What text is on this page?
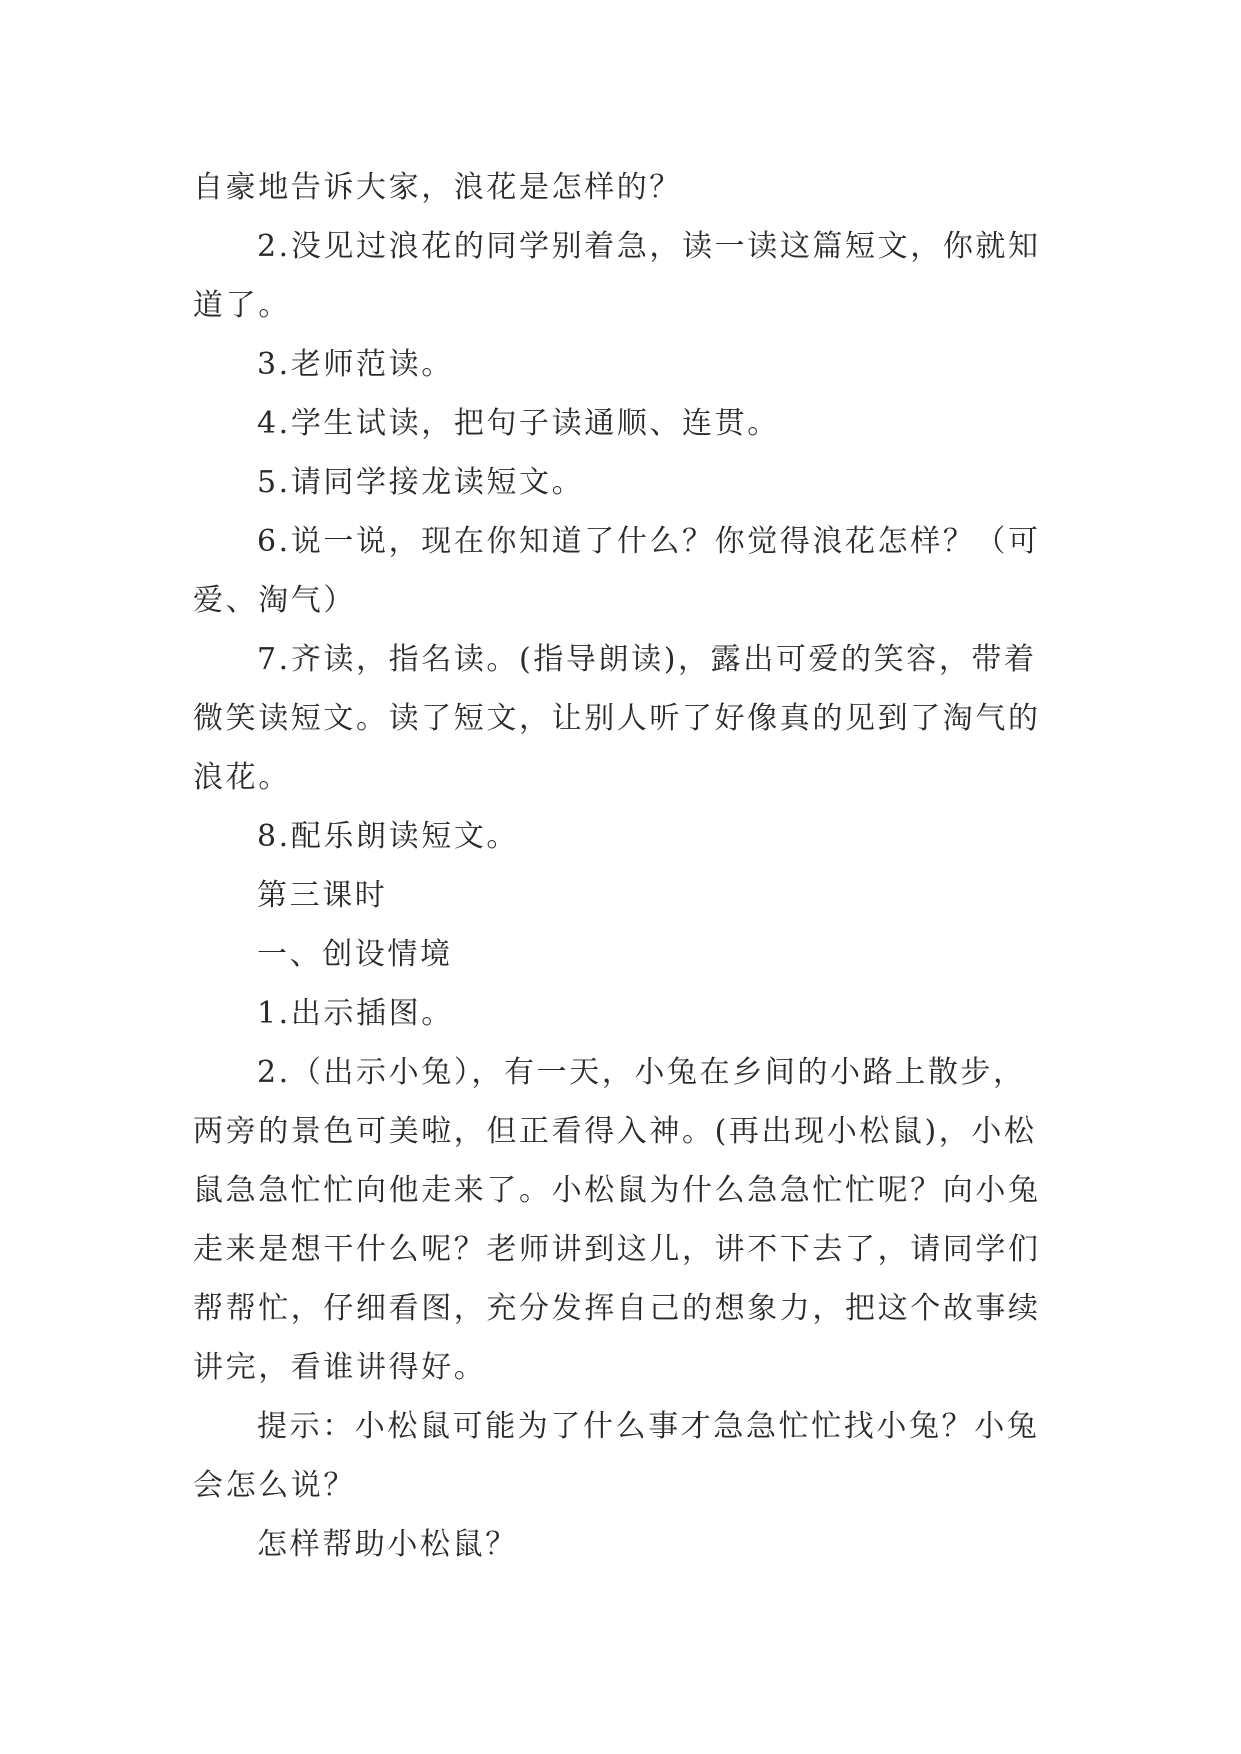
自豪地告诉大家，浪花是怎样的？

2.没见过浪花的同学别着急，读一读这篇短文，你就知道了。

3.老师范读。

4.学生试读，把句子读通顺、连贯。

5.请同学接龙读短文。

6.说一说，现在你知道了什么？你觉得浪花怎样？（可爱、淘气）

7.齐读，指名读。(指导朗读)，露出可爱的笑容，带着微笑读短文。读了短文，让别人听了好像真的见到了淘气的浪花。

8.配乐朗读短文。

第三课时

一、创设情境

1.出示插图。

2.（出示小兔），有一天，小兔在乡间的小路上散步，两旁的景色可美啦，但正看得入神。(再出现小松鼠)，小松鼠急急忙忙向他走来了。小松鼠为什么急急忙忙呢？向小兔走来是想干什么呢？老师讲到这儿，讲不下去了，请同学们帮帮忙，仔细看图，充分发挥自己的想象力，把这个故事续讲完，看谁讲得好。

提示：小松鼠可能为了什么事才急急忙忙找小兔？小兔会怎么说？

怎样帮助小松鼠？
